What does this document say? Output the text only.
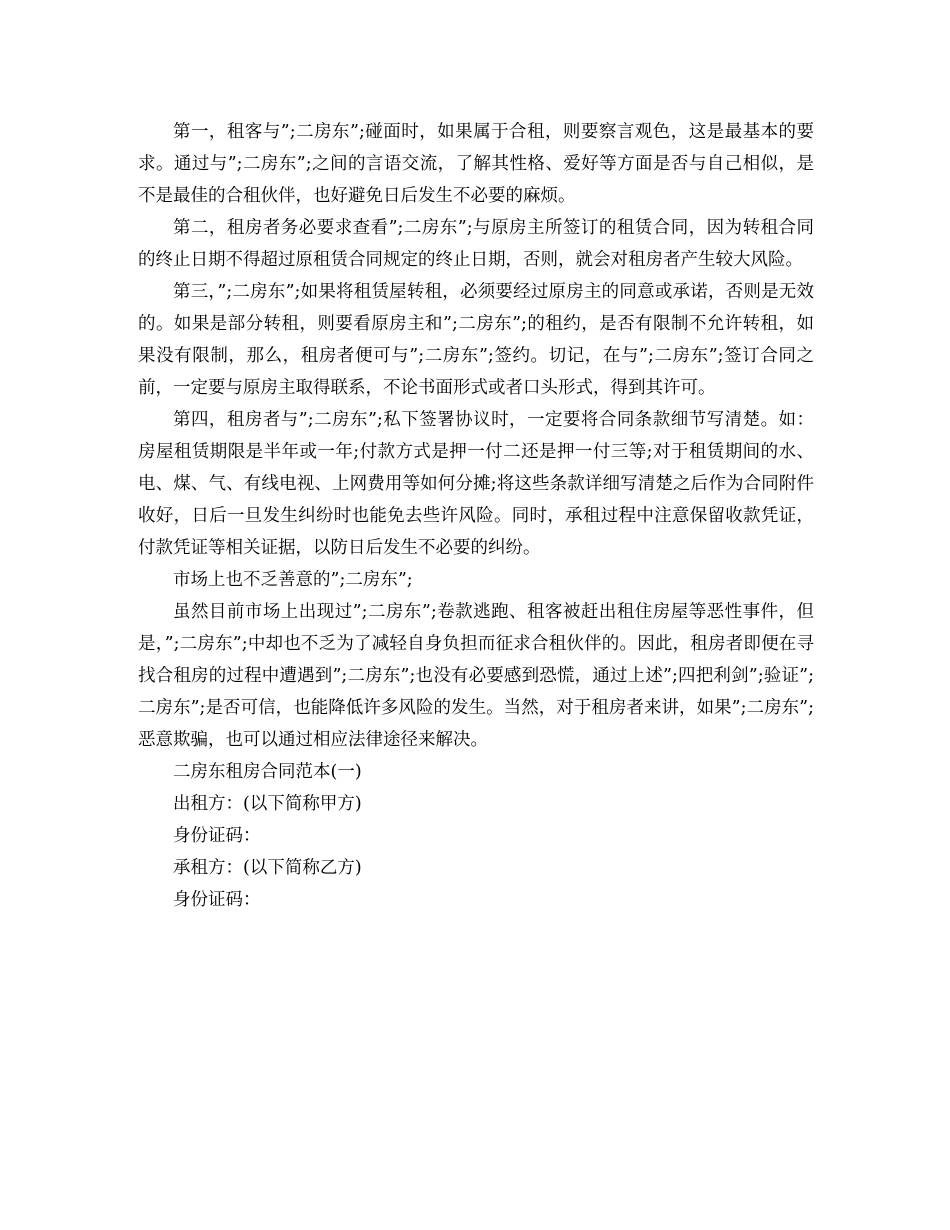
第一，租客与”;二房东”;碰面时，如果属于合租，则要察言观色，这是最基本的要求。通过与”;二房东”;之间的言语交流，了解其性格、爱好等方面是否与自己相似，是不是最佳的合租伙伴，也好避免日后发生不必要的麻烦。

第二，租房者务必要求查看”;二房东”;与原房主所签订的租赁合同，因为转租合同的终止日期不得超过原租赁合同规定的终止日期，否则，就会对租房者产生较大风险。

第三，”;二房东”;如果将租赁屋转租，必须要经过原房主的同意或承诺，否则是无效的。如果是部分转租，则要看原房主和”;二房东”;的租约，是否有限制不允许转租，如果没有限制，那么，租房者便可与”;二房东”;签约。切记，在与”;二房东”;签订合同之前，一定要与原房主取得联系，不论书面形式或者口头形式，得到其许可。

第四，租房者与”;二房东”;私下签署协议时，一定要将合同条款细节写清楚。如：房屋租赁期限是半年或一年;付款方式是押一付二还是押一付三等;对于租赁期间的水、电、煤、气、有线电视、上网费用等如何分摊;将这些条款详细写清楚之后作为合同附件收好，日后一旦发生纠纷时也能免去些许风险。同时，承租过程中注意保留收款凭证，付款凭证等相关证据，以防日后发生不必要的纠纷。

市场上也不乏善意的”;二房东”;

虽然目前市场上出现过”;二房东”;卷款逃跑、租客被赶出租住房屋等恶性事件，但是，”;二房东”;中却也不乏为了减轻自身负担而征求合租伙伴的。因此，租房者即便在寻找合租房的过程中遭遇到”;二房东”;也没有必要感到恐慌，通过上述”;四把利剑”;验证”;二房东”;是否可信，也能降低许多风险的发生。当然，对于租房者来讲，如果”;二房东”;恶意欺骗，也可以通过相应法律途径来解决。

二房东租房合同范本(一)

出租方：(以下简称甲方)

身份证码：

承租方：(以下简称乙方)

身份证码：
